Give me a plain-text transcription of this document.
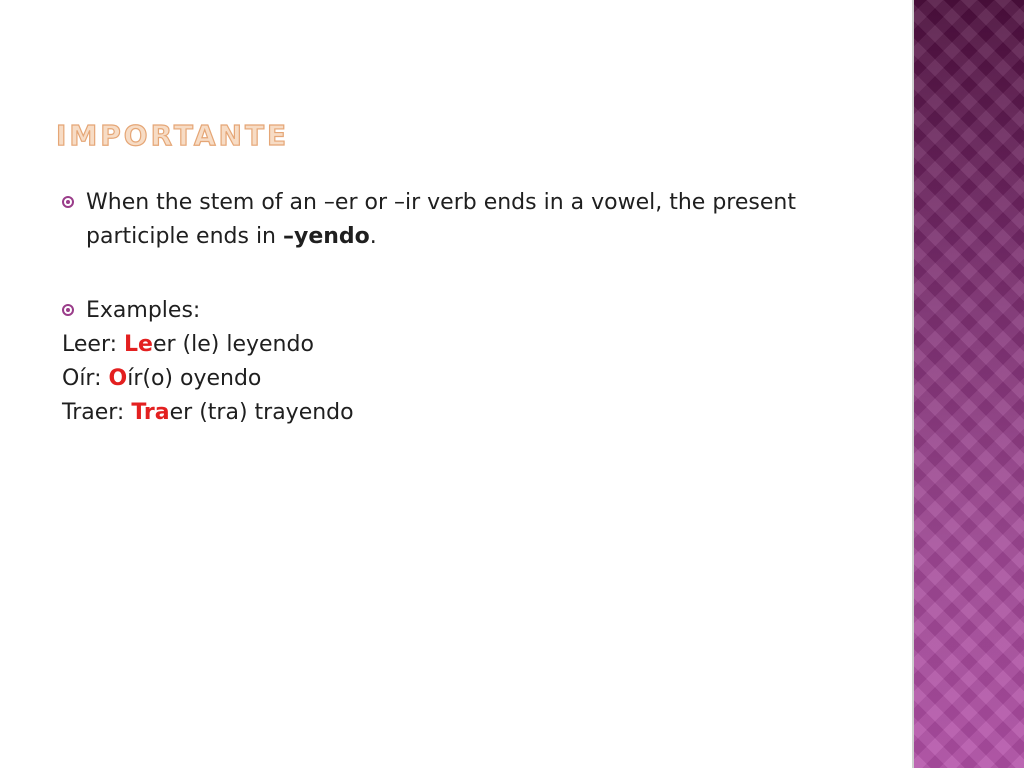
importante
When the stem of an –er or –ir verb ends in a vowel, the present participle ends in –yendo.
Examples:
Leer: Leer (le) leyendo
Oír: Oír(o) oyendo
Traer: Traer (tra) trayendo
